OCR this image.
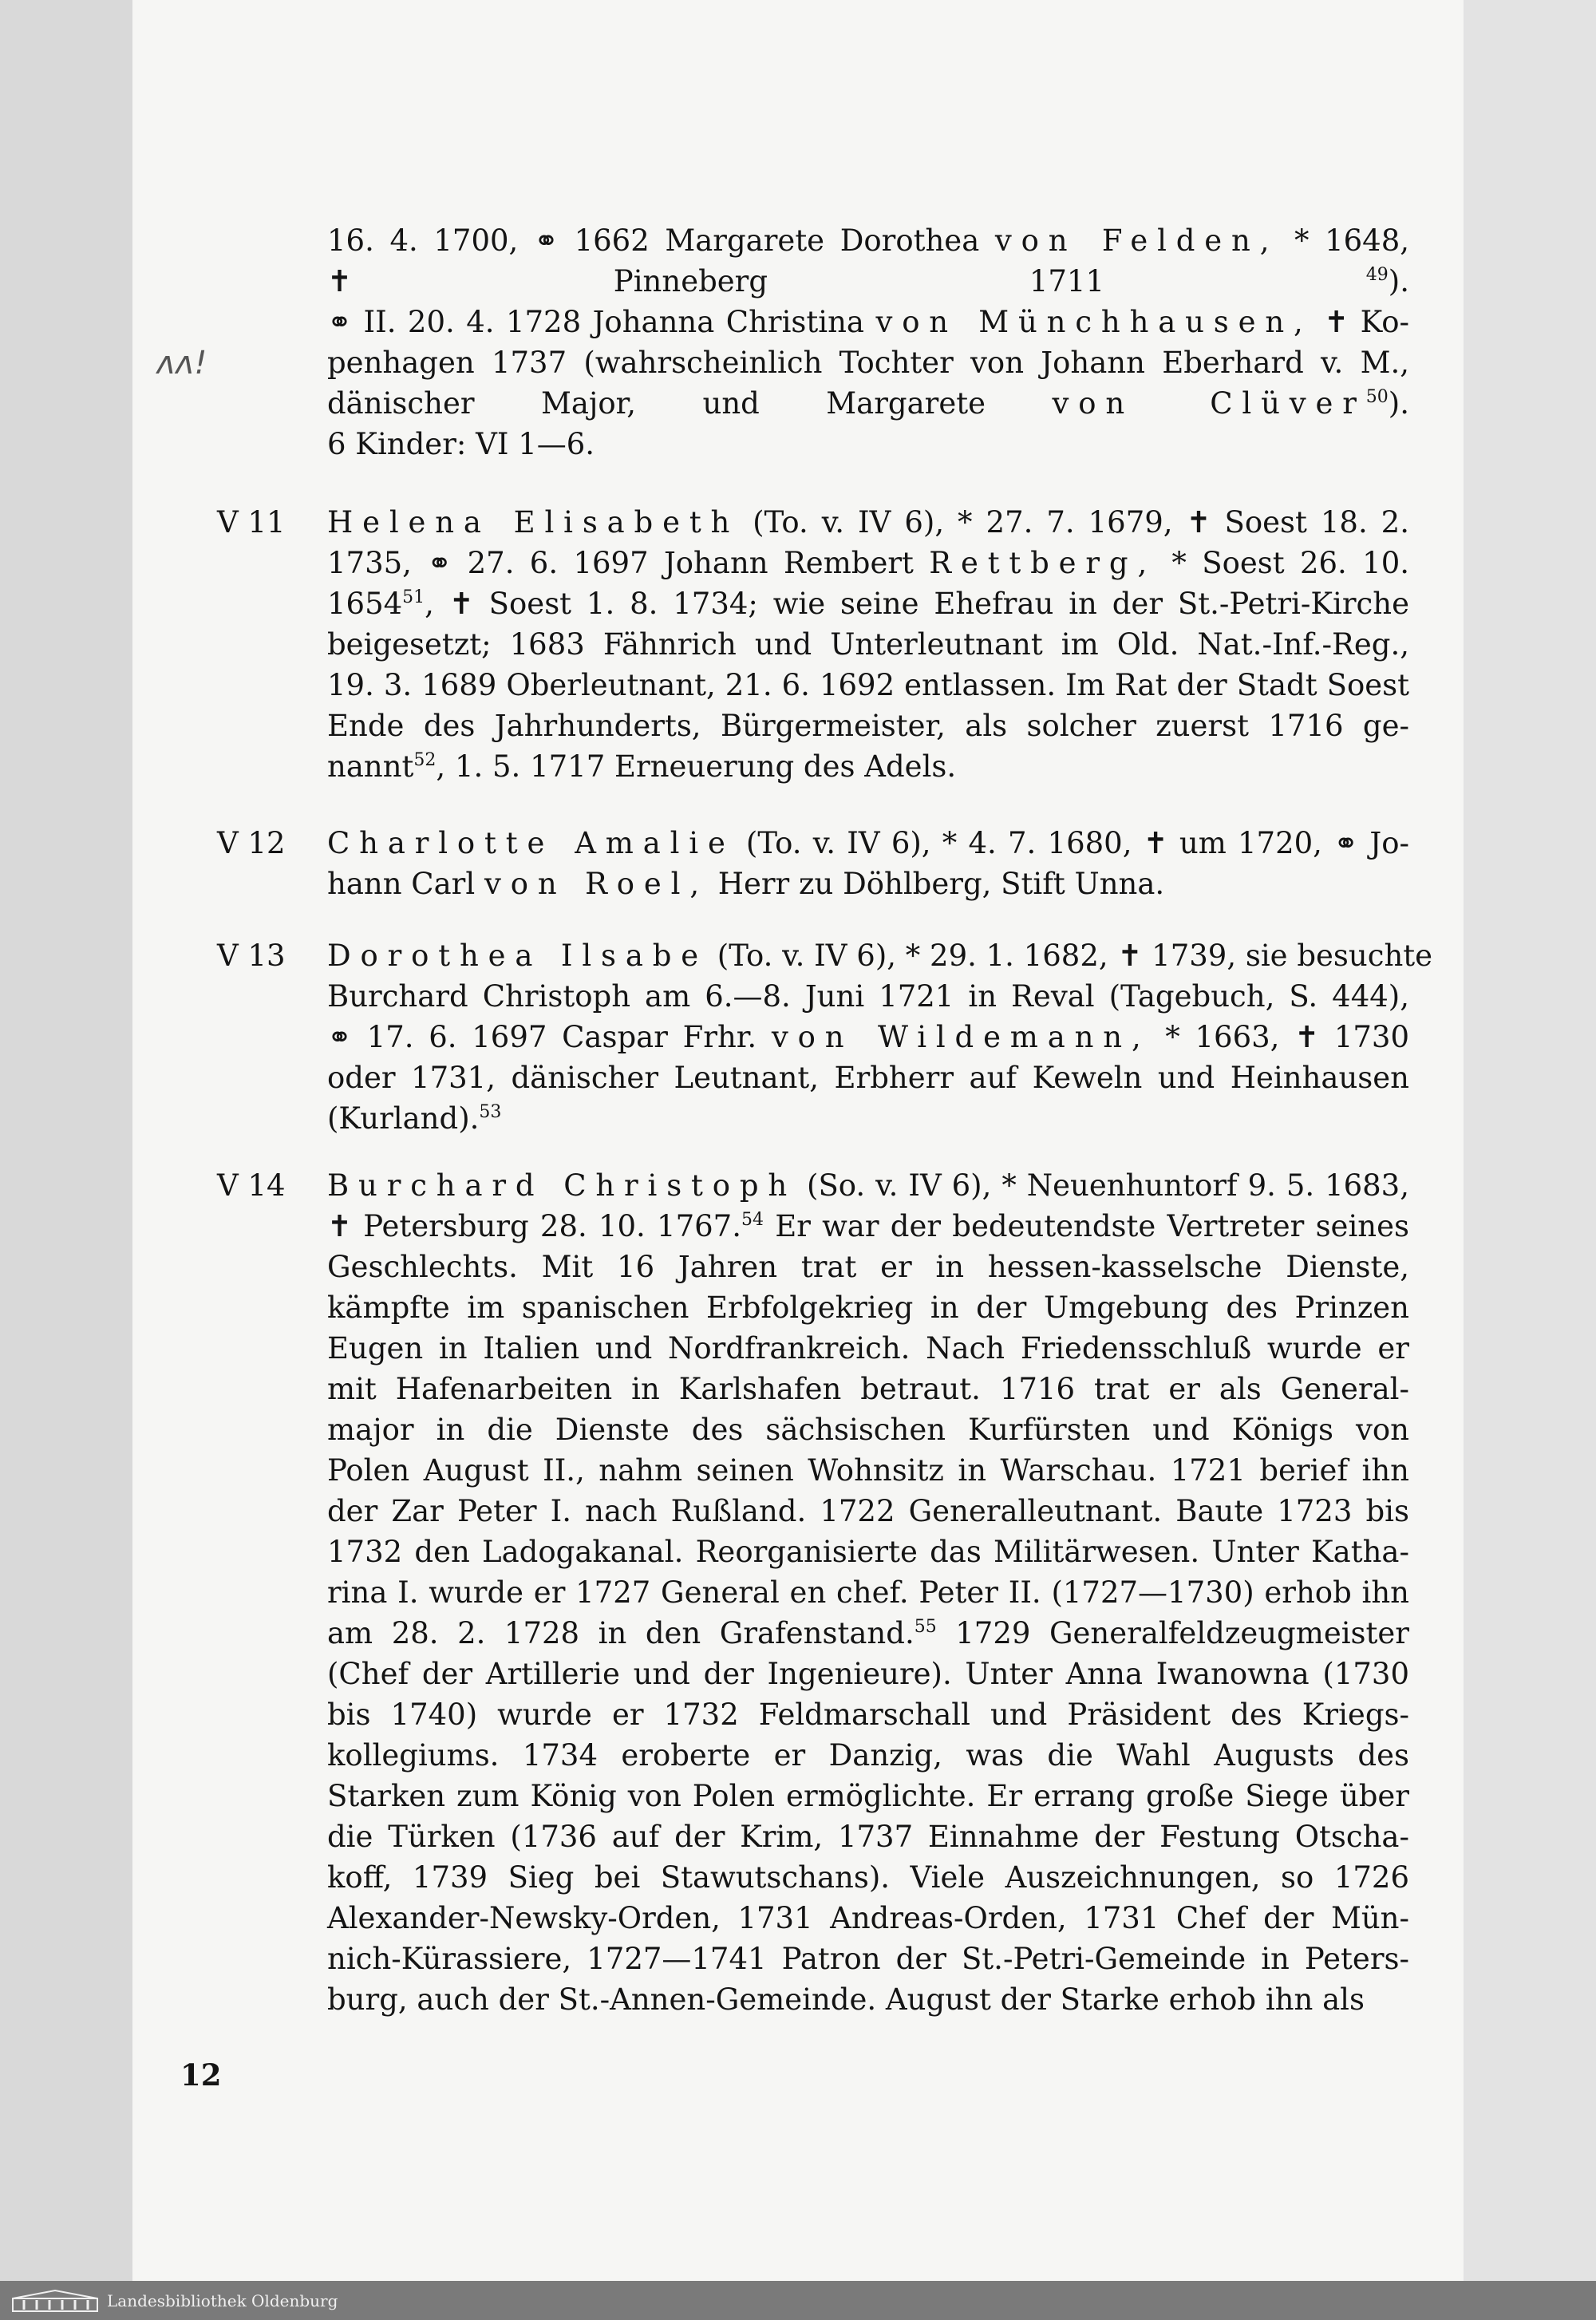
ᴧᴧ!
16. 4. 1700, ⚭ 1662 Margarete Dorothea von Felden, * 1648,
✝ Pinneberg 1711 $^{49}$).
⚭ II. 20. 4. 1728 Johanna Christina von Münchhausen, ✝ Ko-
penhagen 1737 (wahrscheinlich Tochter von Johann Eberhard v. M.,
dänischer Major, und Margarete von Clüver$^{50}$).
6 Kinder: VI 1—6.
V 11	Helena Elisabeth (To. v. IV 6), * 27. 7. 1679, ✝ Soest 18. 2.
1735, ⚭ 27. 6. 1697 Johann Rembert Rettberg, * Soest 26. 10.
1654$^{51}$, ✝ Soest 1. 8. 1734; wie seine Ehefrau in der St.-Petri-Kirche
beigesetzt; 1683 Fähnrich und Unterleutnant im Old. Nat.-Inf.-Reg.,
19. 3. 1689 Oberleutnant, 21. 6. 1692 entlassen. Im Rat der Stadt Soest
Ende des Jahrhunderts, Bürgermeister, als solcher zuerst 1716 ge-
nannt$^{52}$, 1. 5. 1717 Erneuerung des Adels.
V 12	Charlotte Amalie (To. v. IV 6), * 4. 7. 1680, ✝ um 1720, ⚭ Jo-
hann Carl von Roel, Herr zu Döhlberg, Stift Unna.
V 13	Dorothea Ilsabe (To. v. IV 6), * 29. 1. 1682, ✝ 1739, sie besuchte
Burchard Christoph am 6.—8. Juni 1721 in Reval (Tagebuch, S. 444),
⚭ 17. 6. 1697 Caspar Frhr. von Wildemann, * 1663, ✝ 1730
oder 1731, dänischer Leutnant, Erbherr auf Keweln und Heinhausen
(Kurland).$^{53}$
V 14	Burchard Christoph (So. v. IV 6), * Neuenhuntorf 9. 5. 1683,
✝ Petersburg 28. 10. 1767.54 Er war der bedeutendste Vertreter seines
Geschlechts. Mit 16 Jahren trat er in hessen-kasselsche Dienste,
kämpfte im spanischen Erbfolgekrieg in der Umgebung des Prinzen
Eugen in Italien und Nordfrankreich. Nach Friedensschluß wurde er
mit Hafenarbeiten in Karlshafen betraut. 1716 trat er als General-
major in die Dienste des sächsischen Kurfürsten und Königs von
Polen August II., nahm seinen Wohnsitz in Warschau. 1721 berief ihn
der Zar Peter I. nach Rußland. 1722 Generalleutnant. Baute 1723 bis
1732 den Ladogakanal. Reorganisierte das Militärwesen. Unter Katha-
rina I. wurde er 1727 General en chef. Peter II. (1727—1730) erhob ihn
am 28. 2. 1728 in den Grafenstand.$^{55}$ 1729 Generalfeldzeugmeister
(Chef der Artillerie und der Ingenieure). Unter Anna Iwanowna (1730
bis 1740) wurde er 1732 Feldmarschall und Präsident des Kriegs-
kollegiums. 1734 eroberte er Danzig, was die Wahl Augusts des
Starken zum König von Polen ermöglichte. Er errang große Siege über
die Türken (1736 auf der Krim, 1737 Einnahme der Festung Otscha-
koff, 1739 Sieg bei Stawutschans). Viele Auszeichnungen, so 1726
Alexander-Newsky-Orden, 1731 Andreas-Orden, 1731 Chef der Mün-
nich-Kürassiere, 1727—1741 Patron der St.-Petri-Gemeinde in Peters-
burg, auch der St.-Annen-Gemeinde. August der Starke erhob ihn als
12
Landesbibliothek Oldenburg
